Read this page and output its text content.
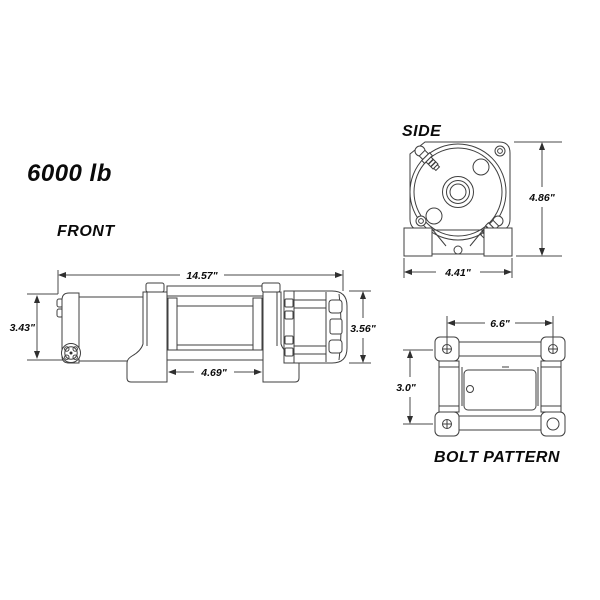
6000 lb
FRONT
SIDE
BOLT PATTERN
14.57"
3.43"
4.69"
3.56"
4.86"
4.41"
6.6"
3.0"
